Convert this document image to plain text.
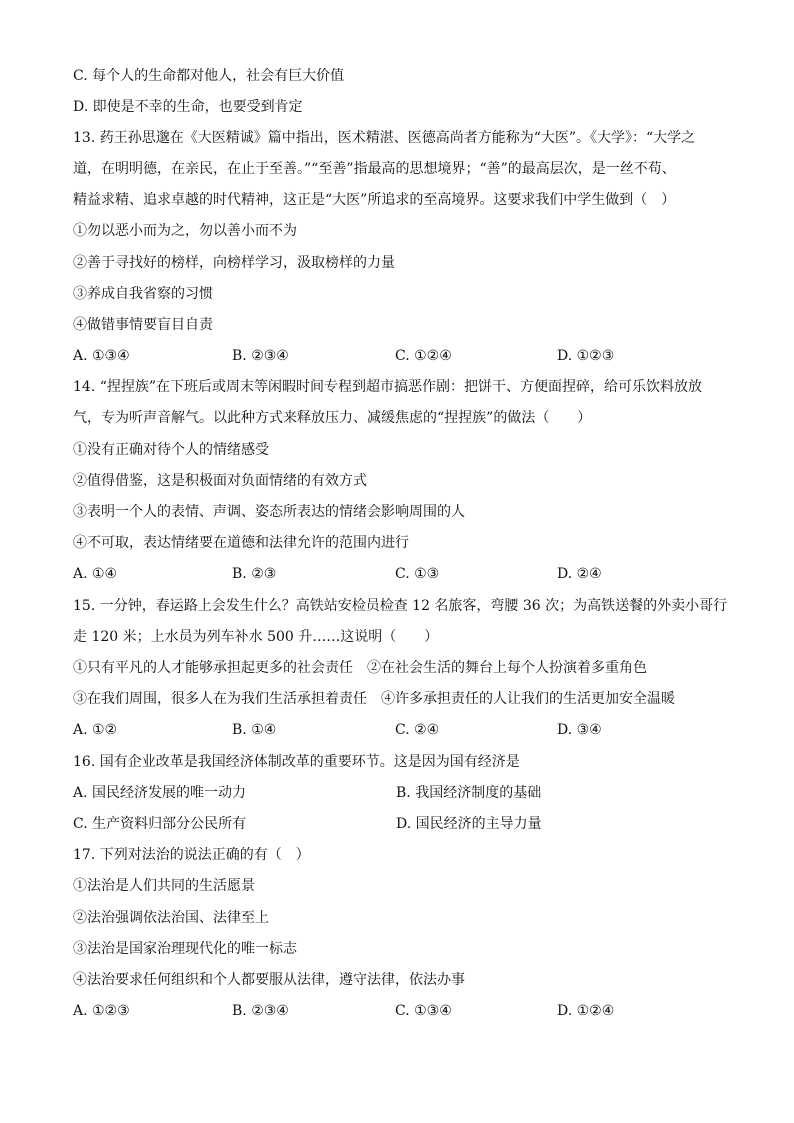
C. 每个人的生命都对他人，社会有巨大价值
D. 即使是不幸的生命，也要受到肯定
13. 药王孙思邈在《大医精诚》篇中指出，医术精湛、医德高尚者方能称为“大医”。《大学》：“大学之
道，在明明德，在亲民，在止于至善。”“至善”指最高的思想境界；“善”的最高层次，是一丝不苟、
精益求精、追求卓越的时代精神，这正是“大医”所追求的至高境界。这要求我们中学生做到（　）
①勿以恶小而为之，勿以善小而不为
②善于寻找好的榜样，向榜样学习，汲取榜样的力量
③养成自我省察的习惯
④做错事情要盲目自责
A. ①③④	B. ②③④	C. ①②④	D. ①②③
14. “捏捏族”在下班后或周末等闲暇时间专程到超市搞恶作剧：把饼干、方便面捏碎，给可乐饮料放放
气，专为听声音解气。以此种方式来释放压力、减缓焦虑的“捏捏族”的做法（　　）
①没有正确对待个人的情绪感受
②值得借鉴，这是积极面对负面情绪的有效方式
③表明一个人的表情、声调、姿态所表达的情绪会影响周围的人
④不可取，表达情绪要在道德和法律允许的范围内进行
A. ①④	B. ②③	C. ①③	D. ②④
15. 一分钟，春运路上会发生什么？高铁站安检员检查 12 名旅客，弯腰 36 次；为高铁送餐的外卖小哥行
走 120 米；上水员为列车补水 500 升……这说明（　　）
①只有平凡的人才能够承担起更多的社会责任　②在社会生活的舞台上每个人扮演着多重角色
③在我们周围，很多人在为我们生活承担着责任　④许多承担责任的人让我们的生活更加安全温暖
A. ①②	B. ①④	C. ②④	D. ③④
16. 国有企业改革是我国经济体制改革的重要环节。这是因为国有经济是
A. 国民经济发展的唯一动力	B. 我国经济制度的基础
C. 生产资料归部分公民所有	D. 国民经济的主导力量
17. 下列对法治的说法正确的有（　）
①法治是人们共同的生活愿景
②法治强调依法治国、法律至上
③法治是国家治理现代化的唯一标志
④法治要求任何组织和个人都要服从法律，遵守法律，依法办事
A. ①②③	B. ②③④	C. ①③④	D. ①②④
